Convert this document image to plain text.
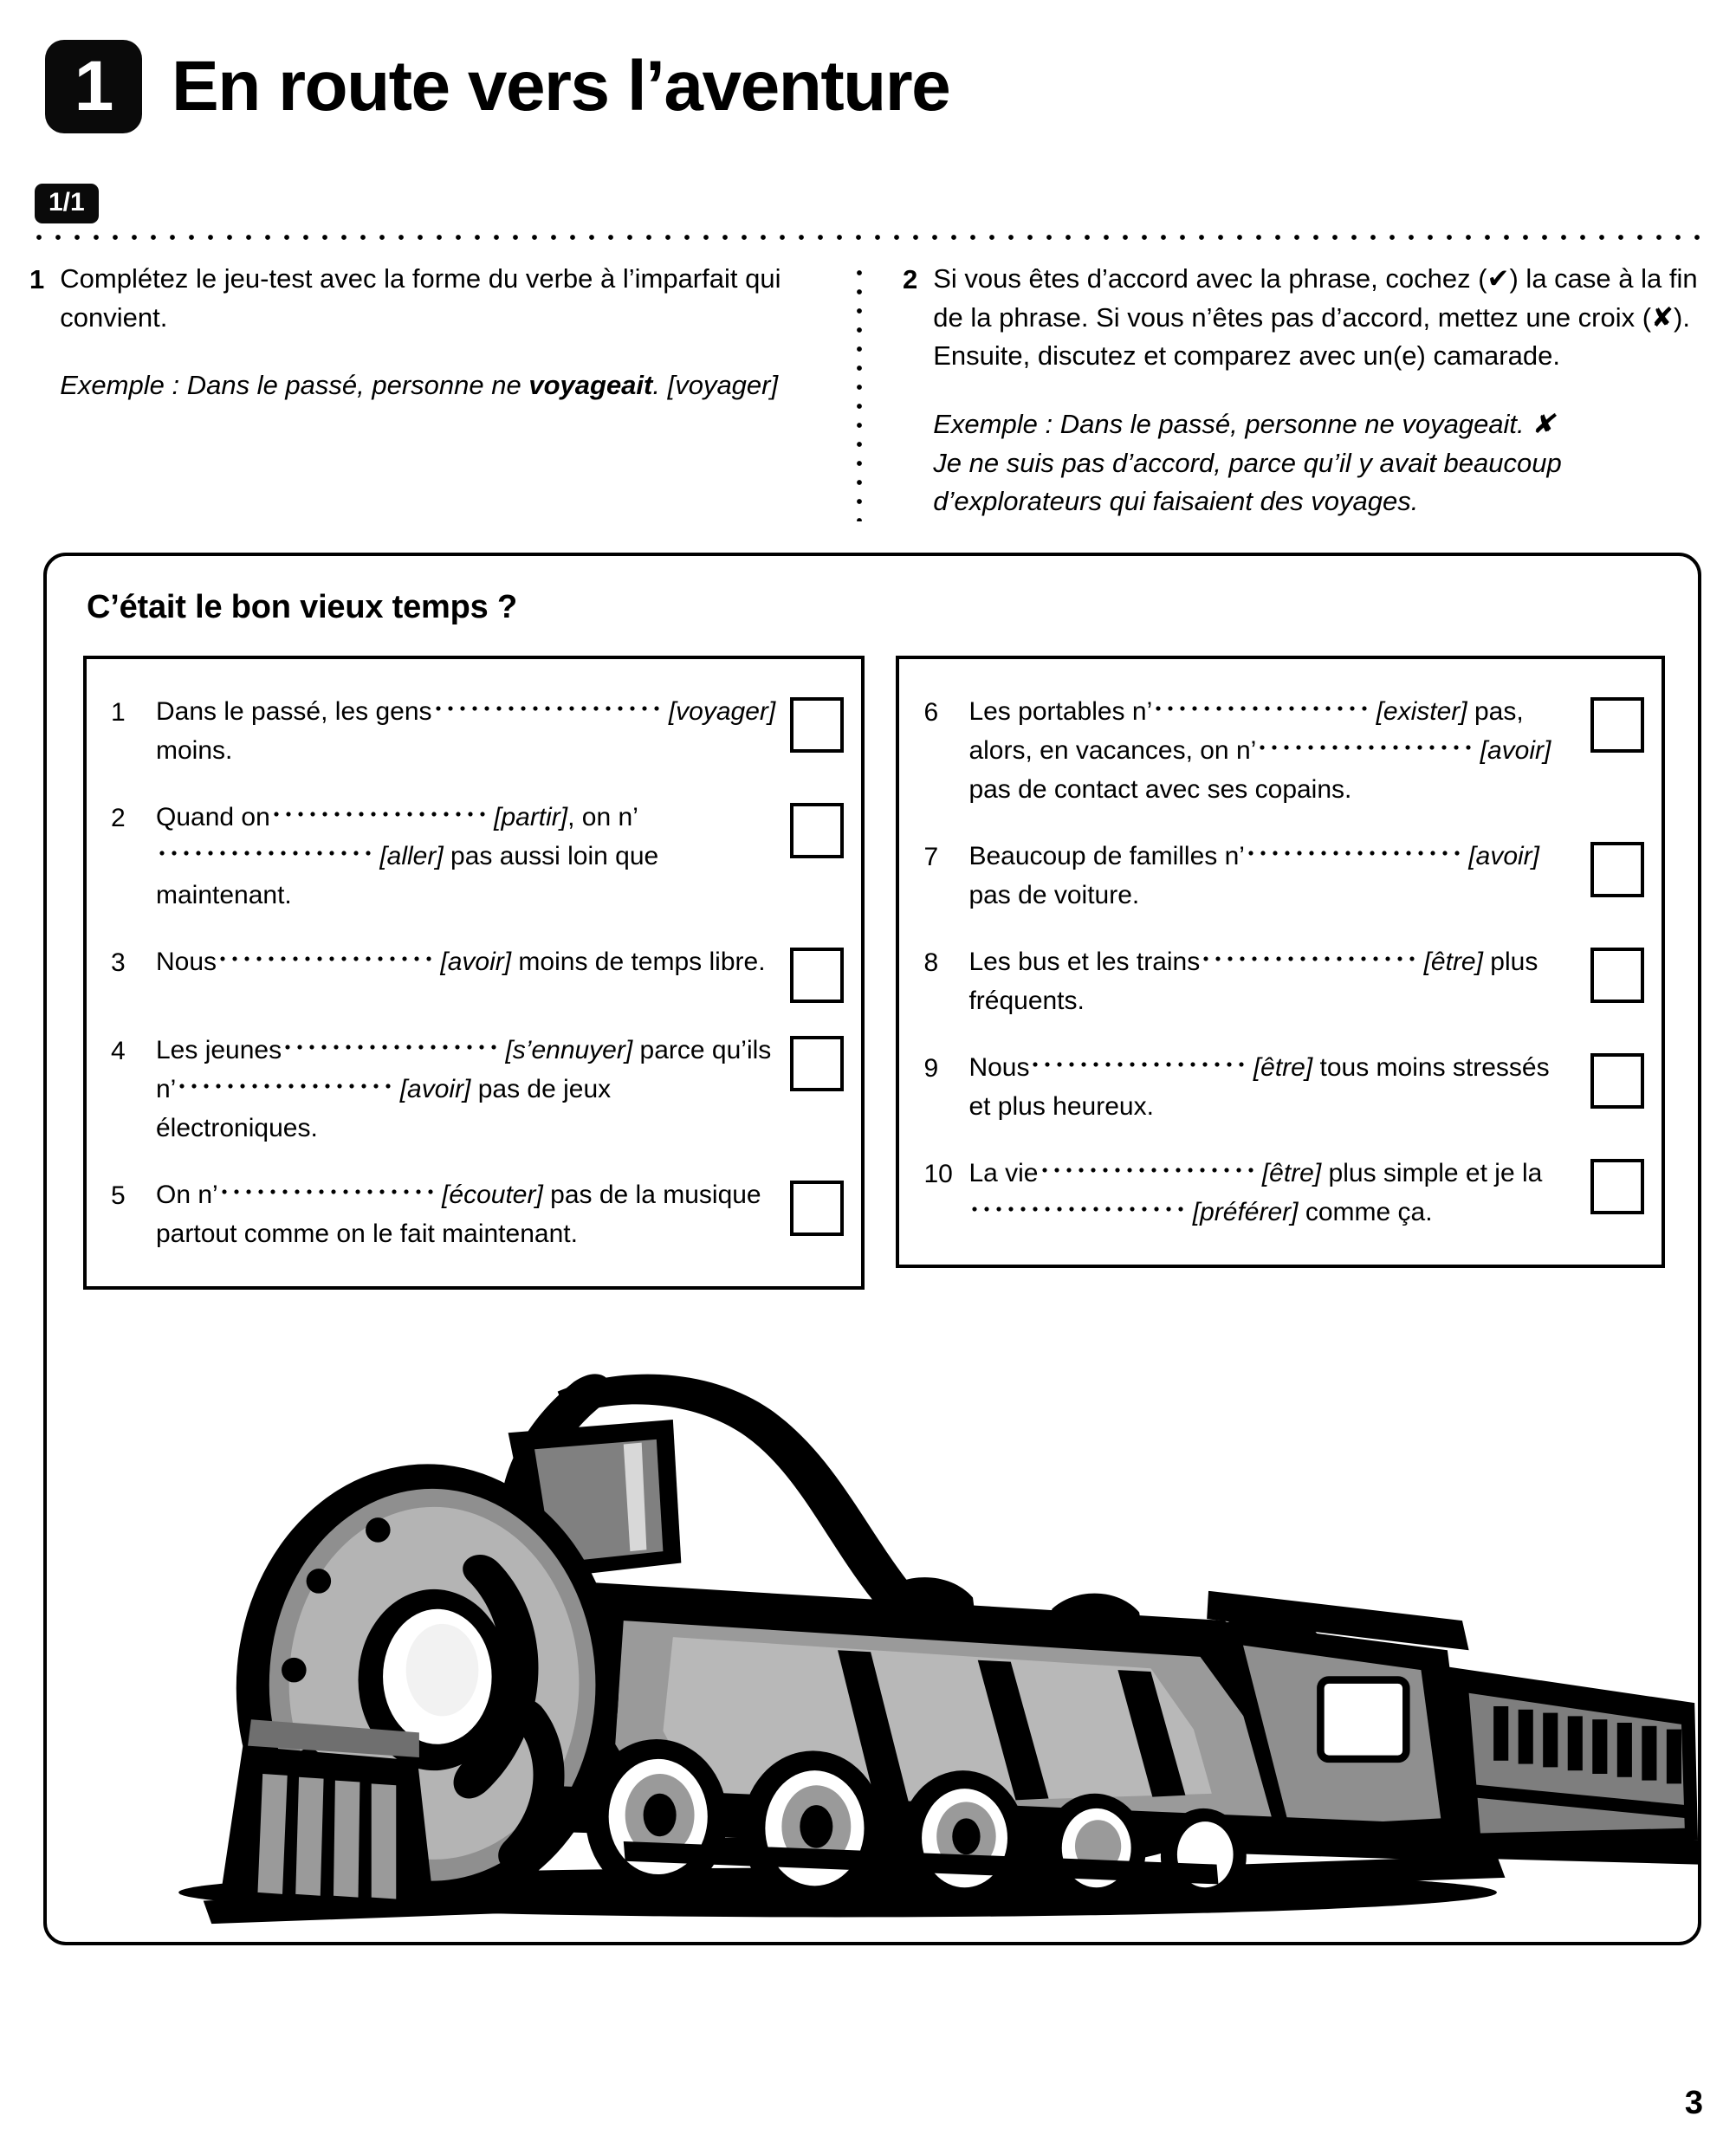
1 En route vers l’aventure
1/1
1 Complétez le jeu-test avec la forme du verbe à l’imparfait qui convient.
Exemple : Dans le passé, personne ne voyageait. [voyager]
2 Si vous êtes d’accord avec la phrase, cochez (✔) la case à la fin de la phrase. Si vous n’êtes pas d’accord, mettez une croix (✘). Ensuite, discutez et comparez avec un(e) camarade.
Exemple : Dans le passé, personne ne voyageait. ✘
Je ne suis pas d’accord, parce qu’il y avait beaucoup
d’explorateurs qui faisaient des voyages.
C’était le bon vieux temps ?
1	Dans le passé, les gens	[voyager] moins.
2	Quand on	[partir], on n’ [aller] pas aussi loin que maintenant.
3	Nous	[avoir] moins de temps libre.
4	Les jeunes	[s’ennuyer] parce qu’ils n’	[avoir] pas de jeux électroniques.
5	On n’	[écouter] pas de la musique partout comme on le fait maintenant.
6	Les portables n’	[exister] pas, alors, en vacances, on n’	[avoir] pas de contact avec ses copains.
7	Beaucoup de familles n’	[avoir] pas de voiture.
8	Les bus et les trains	[être] plus fréquents.
9	Nous	[être] tous moins stressés et plus heureux.
10 La vie	[être] plus simple et je la [préférer] comme ça.
3
